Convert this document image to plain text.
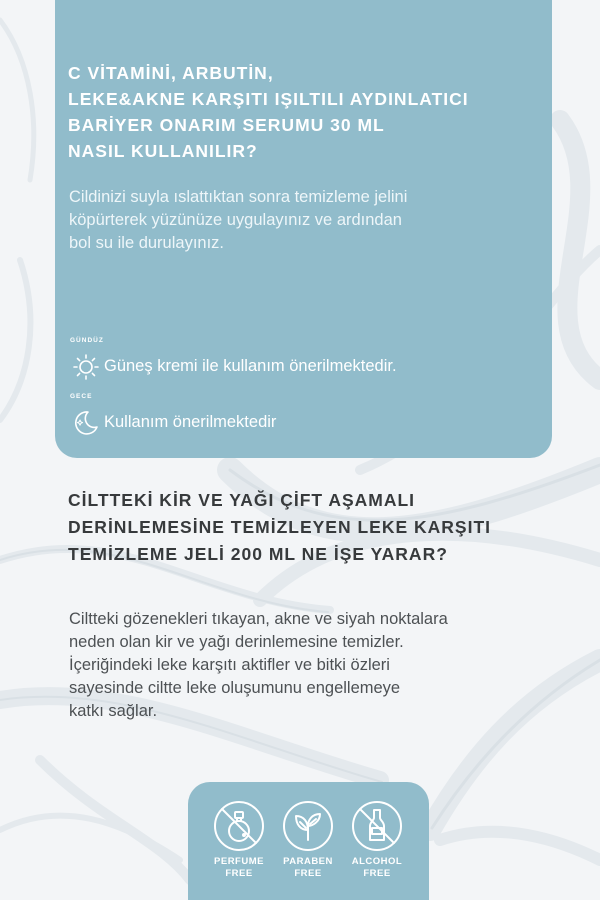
C VİTAMİNİ, ARBUTİN,
LEKE&AKNE KARŞITI IŞILTILI AYDINLATICI
BARİYER ONARIM SERUMU 30 ML
NASIL KULLANILIR?

Cildinizi suyla ıslattıktan sonra temizleme jelini
köpürterek yüzünüze uygulayınız ve ardından
bol su ile durulayınız.

GÜNDÜZ
Güneş kremi ile kullanım önerilmektedir.
GECE
Kullanım önerilmektedir
CİLTTEKİ KİR VE YAĞI ÇİFT AŞAMALI
DERİNLEMESİNE TEMİZLEYEN LEKE KARŞITI
TEMİZLEME JELİ 200 ML NE İŞE YARAR?

Ciltteki gözenekleri tıkayan, akne ve siyah noktalara
neden olan kir ve yağı derinlemesine temizler.
İçeriğindeki leke karşıtı aktifler ve bitki özleri
sayesinde ciltte leke oluşumunu engellemeye
katkı sağlar.

PERFUME
FREE
PARABEN
FREE
ALCOHOL
FREE
